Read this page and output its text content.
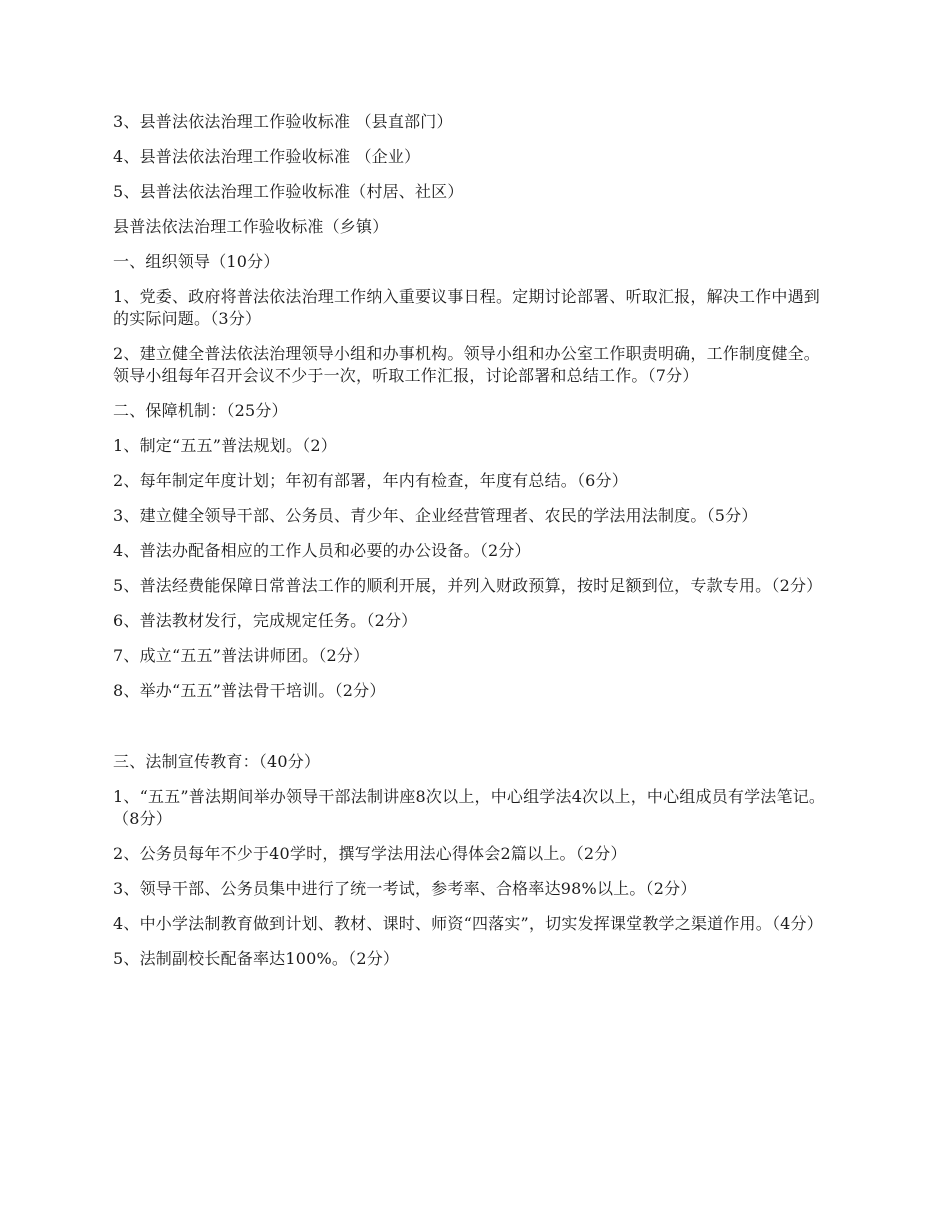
3、县普法依法治理工作验收标准 （县直部门）

4、县普法依法治理工作验收标准 （企业）

5、县普法依法治理工作验收标准（村居、社区）

县普法依法治理工作验收标准（乡镇）

一、组织领导（10分）

1、党委、政府将普法依法治理工作纳入重要议事日程。定期讨论部署、听取汇报，解决工作中遇到的实际问题。（3分）

2、建立健全普法依法治理领导小组和办事机构。领导小组和办公室工作职责明确，工作制度健全。领导小组每年召开会议不少于一次，听取工作汇报，讨论部署和总结工作。（7分）

二、保障机制：（25分）

1、制定“五五”普法规划。（2）

2、每年制定年度计划；年初有部署，年内有检查，年度有总结。（6分）

3、建立健全领导干部、公务员、青少年、企业经营管理者、农民的学法用法制度。（5分）

4、普法办配备相应的工作人员和必要的办公设备。（2分）

5、普法经费能保障日常普法工作的顺利开展，并列入财政预算，按时足额到位，专款专用。（2分）

6、普法教材发行，完成规定任务。（2分）

7、成立“五五”普法讲师团。（2分）

8、举办“五五”普法骨干培训。（2分）

三、法制宣传教育：（40分）

1、“五五”普法期间举办领导干部法制讲座8次以上，中心组学法4次以上，中心组成员有学法笔记。（8分）

2、公务员每年不少于40学时，撰写学法用法心得体会2篇以上。（2分）

3、领导干部、公务员集中进行了统一考试，参考率、合格率达98%以上。（2分）

4、中小学法制教育做到计划、教材、课时、师资“四落实”，切实发挥课堂教学之渠道作用。（4分）

5、法制副校长配备率达100%。（2分）
